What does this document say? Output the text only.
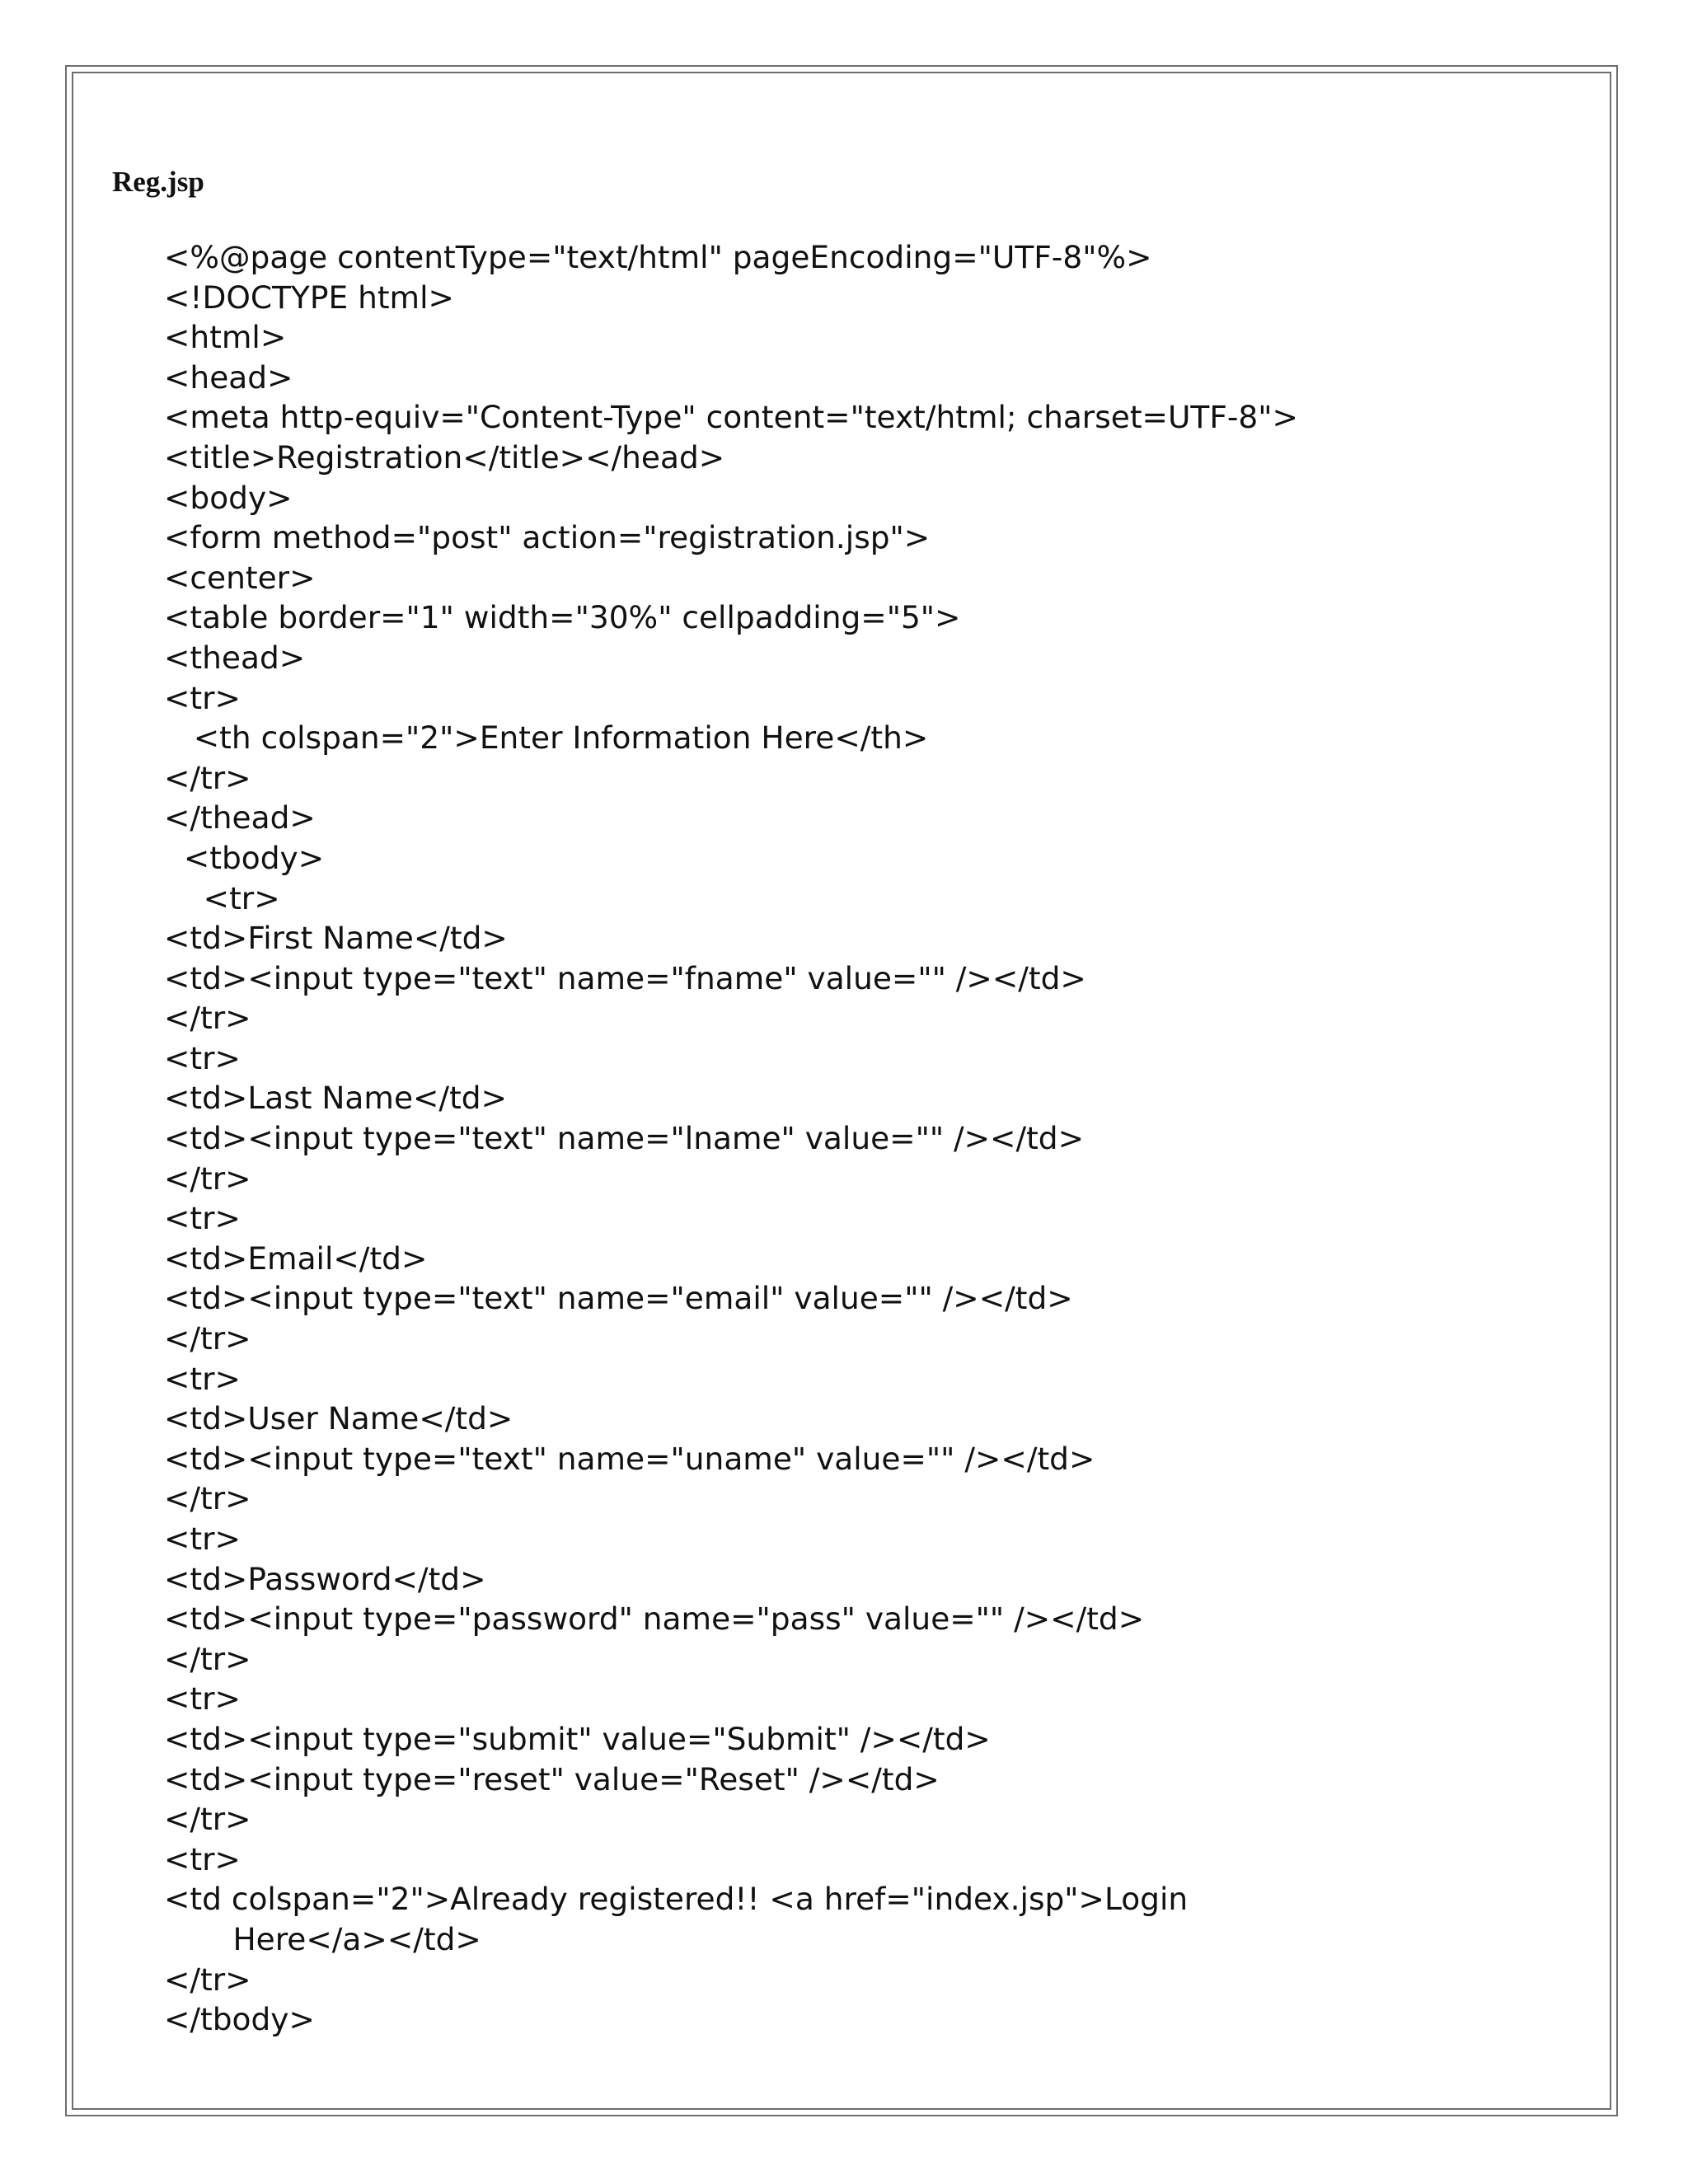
Reg.jsp
<%@page contentType="text/html" pageEncoding="UTF-8"%>
<!DOCTYPE html>
<html>
<head>
<meta http-equiv="Content-Type" content="text/html; charset=UTF-8">
<title>Registration</title></head>
<body>
<form method="post" action="registration.jsp">
<center>
<table border="1" width="30%" cellpadding="5">
<thead>
<tr>
<th colspan="2">Enter Information Here</th>
</tr>
</thead>
<tbody>
<tr>
<td>First Name</td>
<td><input type="text" name="fname" value="" /></td>
</tr>
<tr>
<td>Last Name</td>
<td><input type="text" name="lname" value="" /></td>
</tr>
<tr>
<td>Email</td>
<td><input type="text" name="email" value="" /></td>
</tr>
<tr>
<td>User Name</td>
<td><input type="text" name="uname" value="" /></td>
</tr>
<tr>
<td>Password</td>
<td><input type="password" name="pass" value="" /></td>
</tr>
<tr>
<td><input type="submit" value="Submit" /></td>
<td><input type="reset" value="Reset" /></td>
</tr>
<tr>
<td colspan="2">Already registered!! <a href="index.jsp">Login
Here</a></td>
</tr>
</tbody>
